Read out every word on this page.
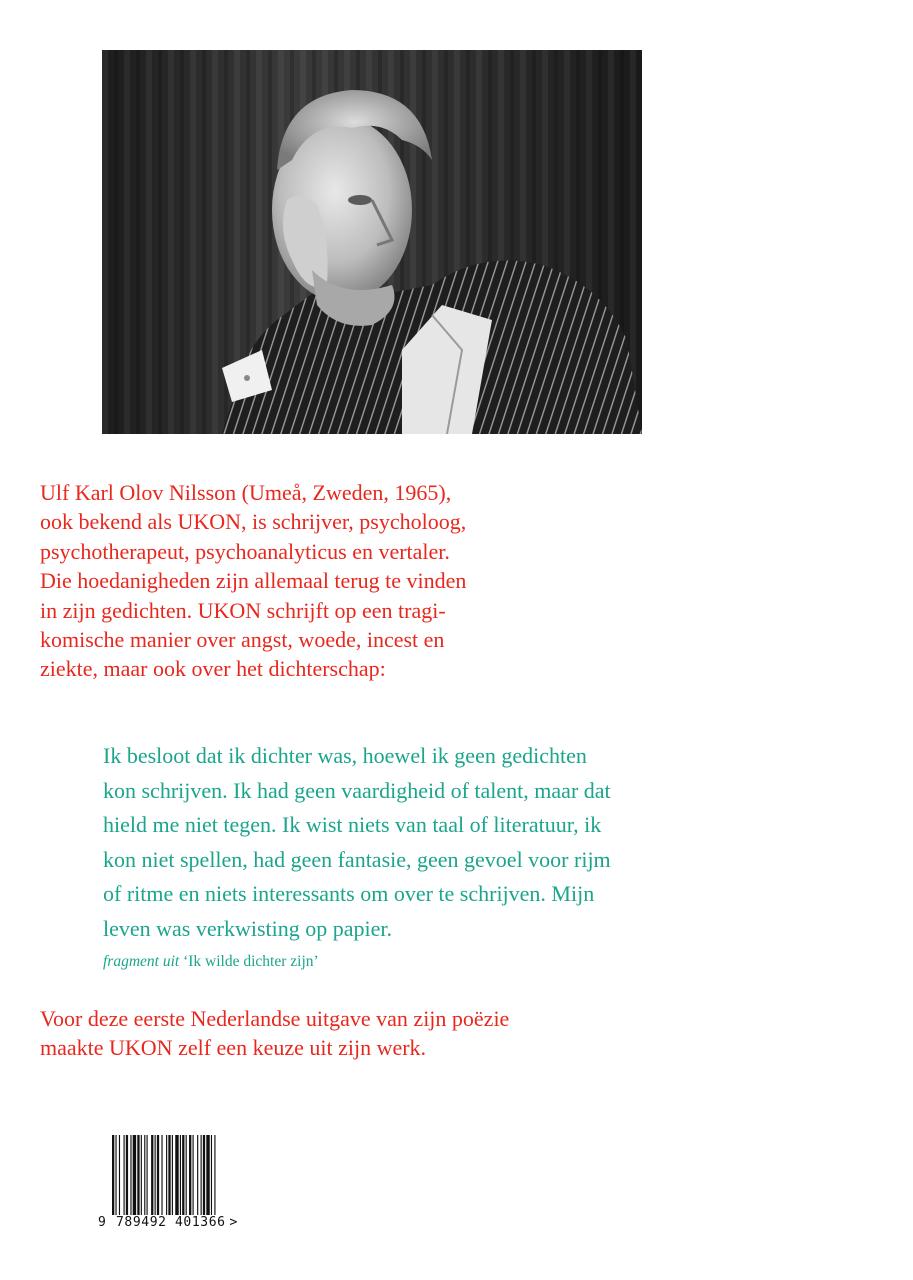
Ulf Karl Olov Nilsson (Umeå, Zweden, 1965),
ook bekend als UKON, is schrijver, psycholoog,
psychotherapeut, psychoanalyticus en vertaler.
Die hoedanigheden zijn allemaal terug te vinden
in zijn gedichten. UKON schrijft op een tragi-
komische manier over angst, woede, incest en
ziekte, maar ook over het dichterschap:
Ik besloot dat ik dichter was, hoewel ik geen gedichten
kon schrijven. Ik had geen vaardigheid of talent, maar dat
hield me niet tegen. Ik wist niets van taal of literatuur, ik
kon niet spellen, had geen fantasie, geen gevoel voor rijm
of ritme en niets interessants om over te schrijven. Mijn
leven was verkwisting op papier.
fragment uit ‘Ik wilde dichter zijn’
Voor deze eerste Nederlandse uitgave van zijn poëzie
maakte UKON zelf een keuze uit zijn werk.
9 789492 401366 >
